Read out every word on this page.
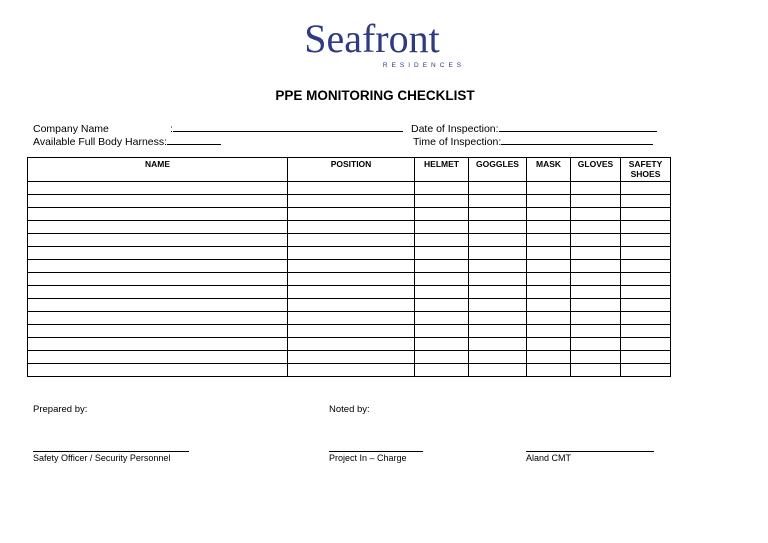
Seafront
RESIDENCES
PPE MONITORING CHECKLIST
Company Name	:
Available Full Body Harness:
Date of Inspection:
Time of Inspection:
NAME	POSITION	HELMET	GOGGLES	MASK	GLOVES	SAFETY SHOES

Prepared by:	Noted by:
Safety Officer / Security Personnel	Project In – Charge	Aland CMT
